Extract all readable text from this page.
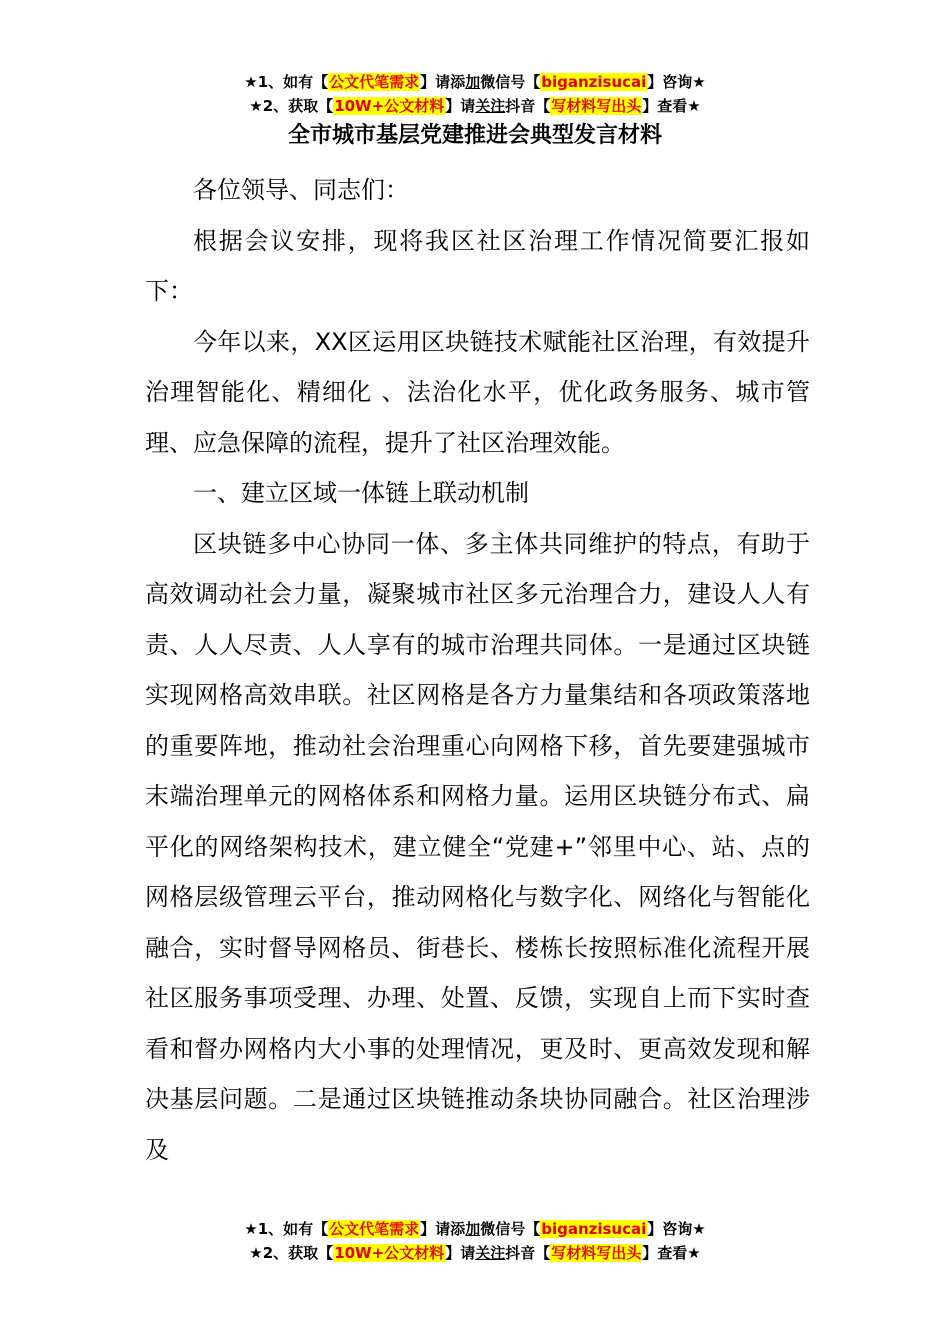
★1、如有【公文代笔需求】请添加微信号【biganzisucai】咨询★
★2、获取【10W+公文材料】请关注抖音【写材料写出头】查看★
全市城市基层党建推进会典型发言材料

各位领导、同志们：

根据会议安排，现将我区社区治理工作情况简要汇报如下：

今年以来，XX区运用区块链技术赋能社区治理，有效提升治理智能化、精细化 、法治化水平，优化政务服务、城市管理、应急保障的流程，提升了社区治理效能。

一、建立区域一体链上联动机制

区块链多中心协同一体、多主体共同维护的特点，有助于高效调动社会力量，凝聚城市社区多元治理合力，建设人人有责、人人尽责、人人享有的城市治理共同体。一是通过区块链实现网格高效串联。社区网格是各方力量集结和各项政策落地的重要阵地，推动社会治理重心向网格下移，首先要建强城市末端治理单元的网格体系和网格力量。运用区块链分布式、扁平化的网络架构技术，建立健全“党建+”邻里中心、站、点的网格层级管理云平台，推动网格化与数字化、网络化与智能化融合，实时督导网格员、街巷长、楼栋长按照标准化流程开展社区服务事项受理、办理、处置、反馈，实现自上而下实时查看和督办网格内大小事的处理情况，更及时、更高效发现和解决基层问题。二是通过区块链推动条块协同融合。社区治理涉及

★1、如有【公文代笔需求】请添加微信号【biganzisucai】咨询★
★2、获取【10W+公文材料】请关注抖音【写材料写出头】查看★
